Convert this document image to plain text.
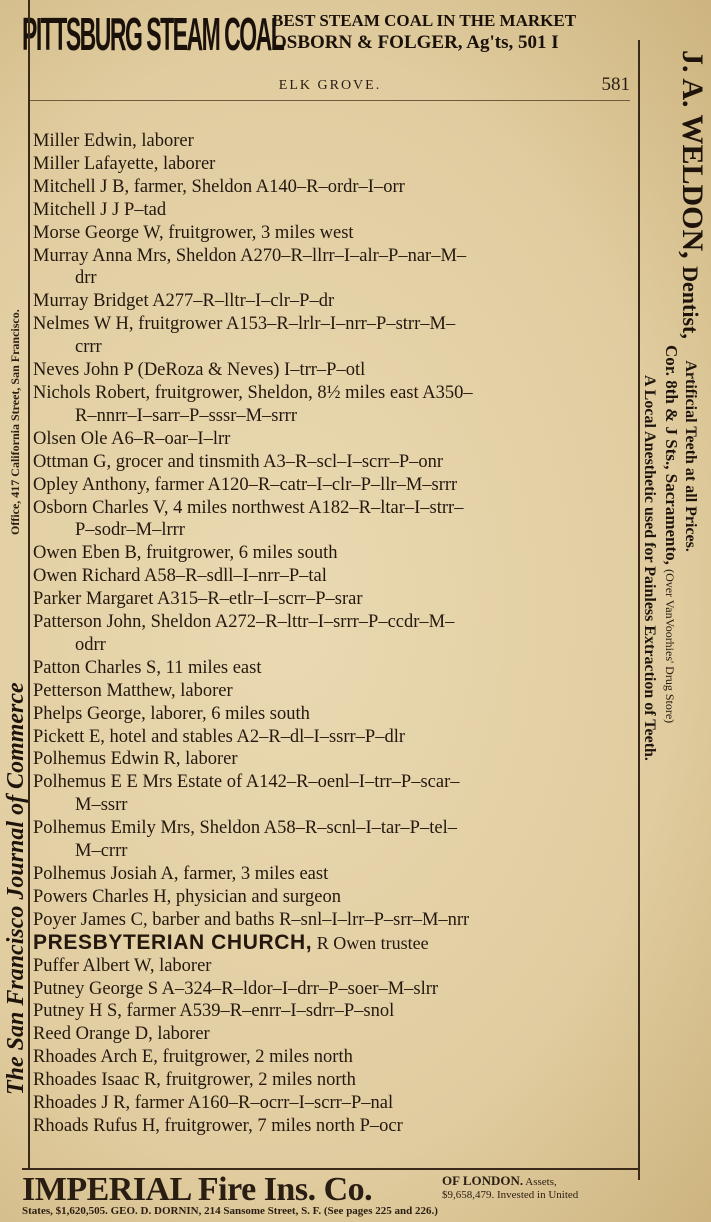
PITTSBURG STEAM COAL
BEST STEAM COAL IN THE MARKET
OSBORN & FOLGER, Ag'ts, 501 I
The San Francisco Journal of Commerce
Office, 417 California Street, San Francisco.
ELK GROVE.	581
Miller Edwin, laborer
Miller Lafayette, laborer
Mitchell J B, farmer, Sheldon A140–R–ordr–I–orr
Mitchell J J P–tad
Morse George W, fruitgrower, 3 miles west
Murray Anna Mrs, Sheldon A270–R–llrr–I–alr–P–nar–M–
drr
Murray Bridget A277–R–lltr–I–clr–P–dr
Nelmes W H, fruitgrower A153–R–lrlr–I–nrr–P–strr–M–
crrr
Neves John P (DeRoza & Neves) I–trr–P–otl
Nichols Robert, fruitgrower, Sheldon, 8½ miles east A350–
R–nnrr–I–sarr–P–sssr–M–srrr
Olsen Ole A6–R–oar–I–lrr
Ottman G, grocer and tinsmith A3–R–scl–I–scrr–P–onr
Opley Anthony, farmer A120–R–catr–I–clr–P–llr–M–srrr
Osborn Charles V, 4 miles northwest A182–R–ltar–I–strr–
P–sodr–M–lrrr
Owen Eben B, fruitgrower, 6 miles south
Owen Richard A58–R–sdll–I–nrr–P–tal
Parker Margaret A315–R–etlr–I–scrr–P–srar
Patterson John, Sheldon A272–R–lttr–I–srrr–P–ccdr–M–
odrr
Patton Charles S, 11 miles east
Petterson Matthew, laborer
Phelps George, laborer, 6 miles south
Pickett E, hotel and stables A2–R–dl–I–ssrr–P–dlr
Polhemus Edwin R, laborer
Polhemus E E Mrs Estate of A142–R–oenl–I–trr–P–scar–
M–ssrr
Polhemus Emily Mrs, Sheldon A58–R–scnl–I–tar–P–tel–
M–crrr
Polhemus Josiah A, farmer, 3 miles east
Powers Charles H, physician and surgeon
Poyer James C, barber and baths R–snl–I–lrr–P–srr–M–nrr
PRESBYTERIAN CHURCH, R Owen trustee
Puffer Albert W, laborer
Putney George S A–324–R–ldor–I–drr–P–soer–M–slrr
Putney H S, farmer A539–R–enrr–I–sdrr–P–snol
Reed Orange D, laborer
Rhoades Arch E, fruitgrower, 2 miles north
Rhoades Isaac R, fruitgrower, 2 miles north
Rhoades J R, farmer A160–R–ocrr–I–scrr–P–nal
Rhoads Rufus H, fruitgrower, 7 miles north P–ocr
J. A. WELDON, Dentist, Artificial Teeth at all Prices.
Cor. 8th & J Sts., Sacramento, (Over VanVoorhies' Drug Store)
A Local Anesthetic used for Painless Extraction of Teeth.
IMPERIAL Fire Ins. Co.	OF LONDON. Assets,
$9,658,479. Invested in United
States, $1,620,505. GEO. D. DORNIN, 214 Sansome Street, S. F. (See pages 225 and 226.)
